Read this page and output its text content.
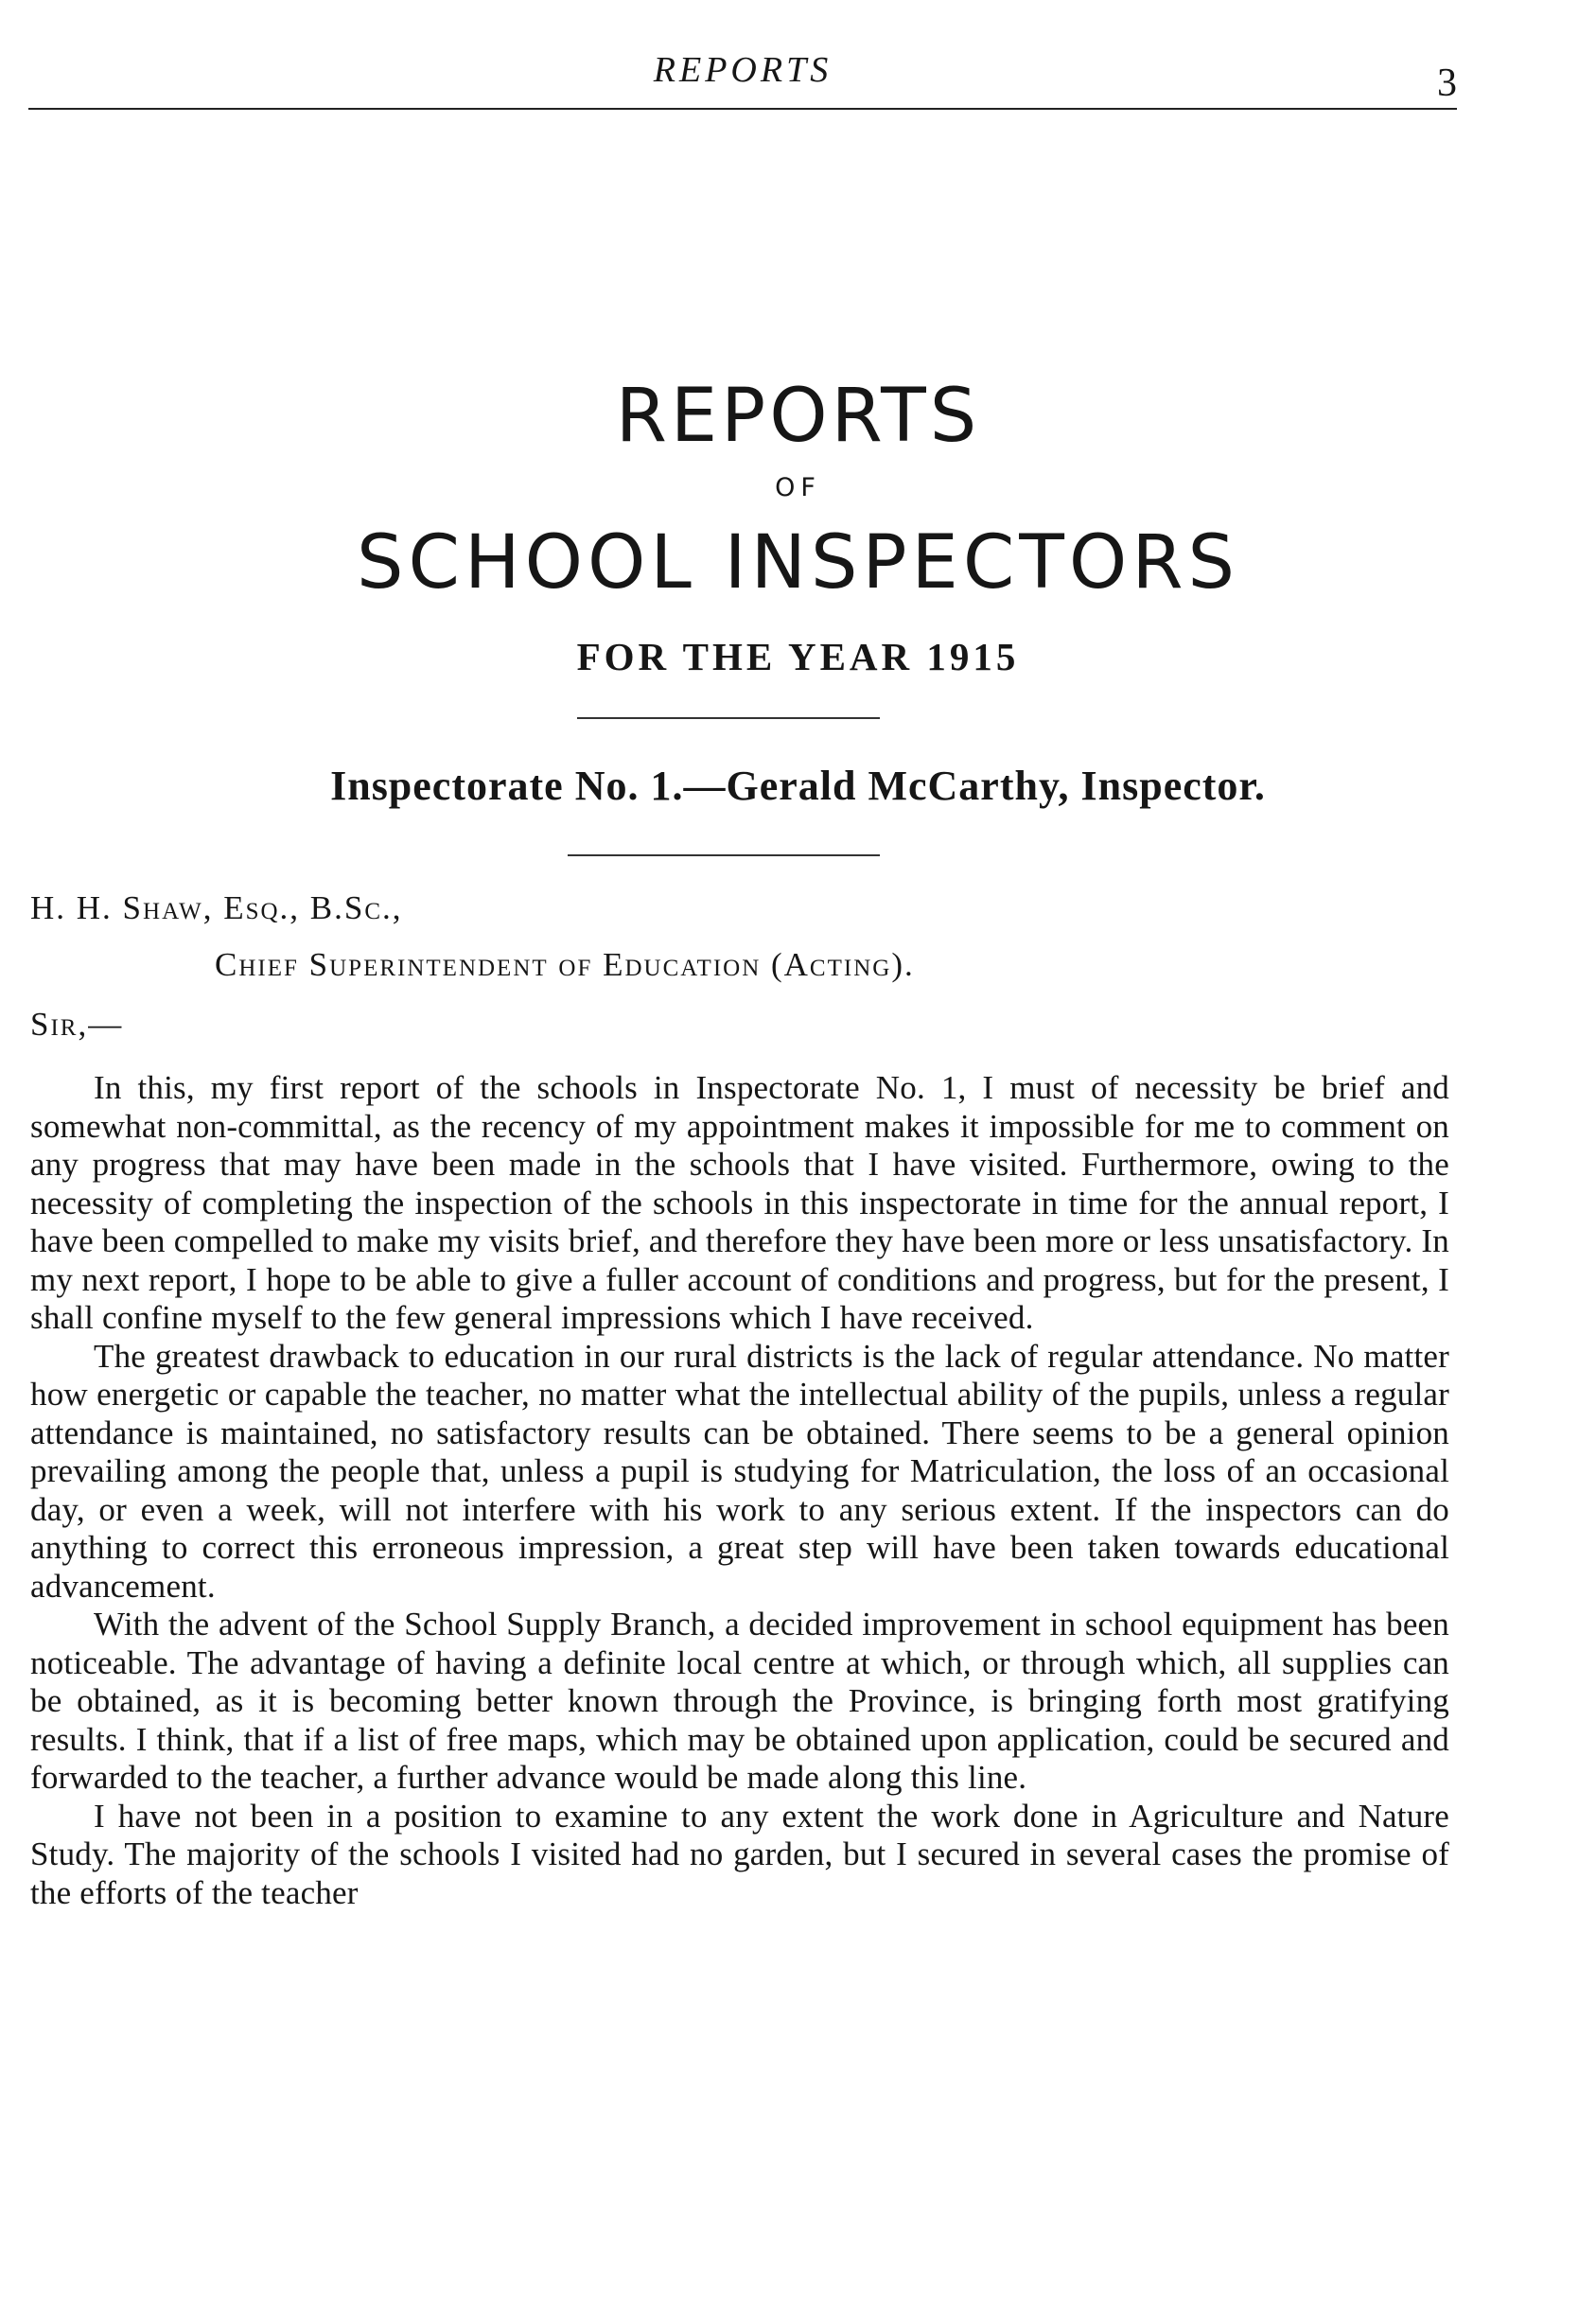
REPORTS	3
REPORTS
OF
SCHOOL INSPECTORS
FOR THE YEAR 1915
Inspectorate No. 1.—Gerald McCarthy, Inspector.
H. H. Shaw, Esq., B.Sc.,
Chief Superintendent of Education (Acting).
Sir,—

In this, my first report of the schools in Inspectorate No. 1, I must of necessity be brief and somewhat non-committal, as the recency of my appointment makes it impossible for me to comment on any progress that may have been made in the schools that I have visited. Furthermore, owing to the necessity of completing the inspection of the schools in this inspectorate in time for the annual report, I have been compelled to make my visits brief, and therefore they have been more or less unsatisfactory. In my next report, I hope to be able to give a fuller account of conditions and progress, but for the present, I shall confine myself to the few general impressions which I have received.

The greatest drawback to education in our rural districts is the lack of regular attendance. No matter how energetic or capable the teacher, no matter what the intellectual ability of the pupils, unless a regular attendance is maintained, no satisfactory results can be obtained. There seems to be a general opinion prevailing among the people that, unless a pupil is studying for Matriculation, the loss of an occasional day, or even a week, will not interfere with his work to any serious extent. If the inspectors can do anything to correct this erroneous impression, a great step will have been taken towards educational advancement.

With the advent of the School Supply Branch, a decided improvement in school equipment has been noticeable. The advantage of having a definite local centre at which, or through which, all supplies can be obtained, as it is becoming better known through the Province, is bringing forth most gratifying results. I think, that if a list of free maps, which may be obtained upon application, could be secured and forwarded to the teacher, a further advance would be made along this line.

I have not been in a position to examine to any extent the work done in Agriculture and Nature Study. The majority of the schools I visited had no garden, but I secured in several cases the promise of the efforts of the teacher
